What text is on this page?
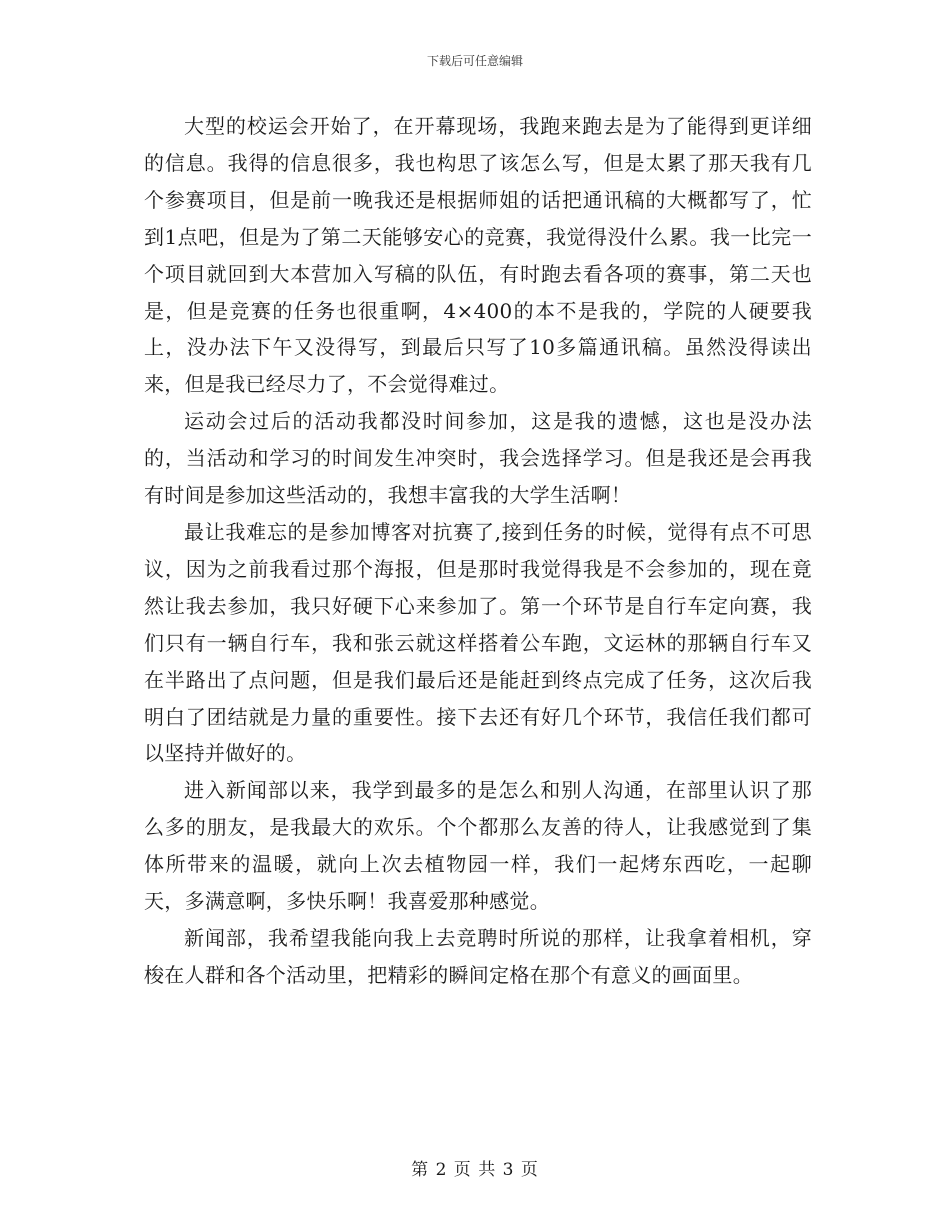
下载后可任意编辑

大型的校运会开始了，在开幕现场，我跑来跑去是为了能得到更详细的信息。我得的信息很多，我也构思了该怎么写，但是太累了那天我有几个参赛项目，但是前一晚我还是根据师姐的话把通讯稿的大概都写了，忙到1点吧，但是为了第二天能够安心的竞赛，我觉得没什么累。我一比完一个项目就回到大本营加入写稿的队伍，有时跑去看各项的赛事，第二天也是，但是竞赛的任务也很重啊，4×400的本不是我的，学院的人硬要我上，没办法下午又没得写，到最后只写了10多篇通讯稿。虽然没得读出来，但是我已经尽力了，不会觉得难过。

运动会过后的活动我都没时间参加，这是我的遗憾，这也是没办法的，当活动和学习的时间发生冲突时，我会选择学习。但是我还是会再我有时间是参加这些活动的，我想丰富我的大学生活啊！

最让我难忘的是参加博客对抗赛了,接到任务的时候，觉得有点不可思议，因为之前我看过那个海报，但是那时我觉得我是不会参加的，现在竟然让我去参加，我只好硬下心来参加了。第一个环节是自行车定向赛，我们只有一辆自行车，我和张云就这样搭着公车跑，文运林的那辆自行车又在半路出了点问题，但是我们最后还是能赶到终点完成了任务，这次后我明白了团结就是力量的重要性。接下去还有好几个环节，我信任我们都可以坚持并做好的。

进入新闻部以来，我学到最多的是怎么和别人沟通，在部里认识了那么多的朋友，是我最大的欢乐。个个都那么友善的待人，让我感觉到了集体所带来的温暖，就向上次去植物园一样，我们一起烤东西吃，一起聊天，多满意啊，多快乐啊！我喜爱那种感觉。

新闻部，我希望我能向我上去竞聘时所说的那样，让我拿着相机，穿梭在人群和各个活动里，把精彩的瞬间定格在那个有意义的画面里。

第 2 页 共 3 页
